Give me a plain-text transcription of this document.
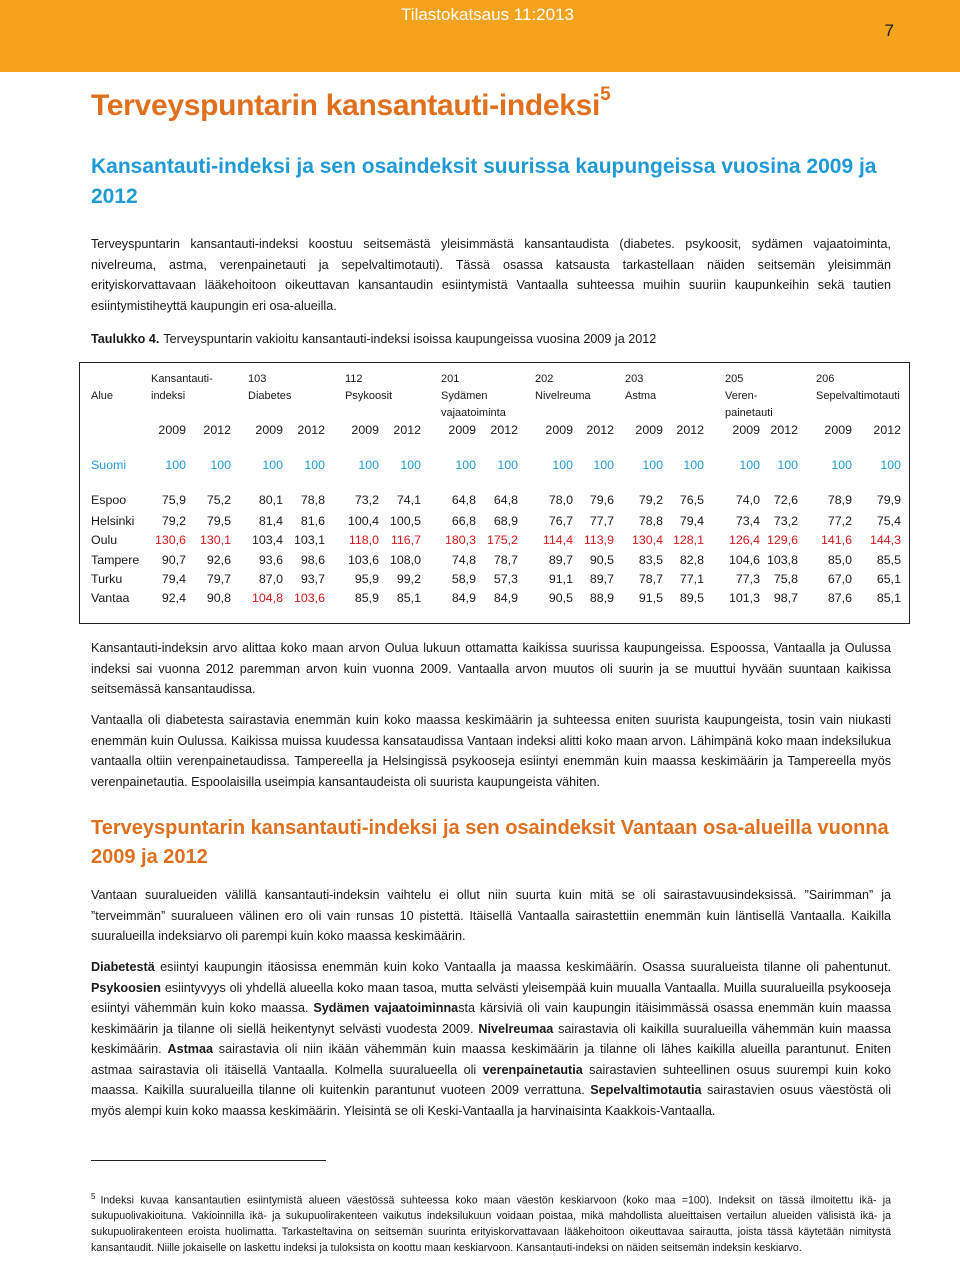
Tilastokatsaus 11:2013
7
Terveyspuntarin kansantauti-indeksi$^5$
Kansantauti-indeksi ja sen osaindeksit suurissa kaupungeissa vuosina 2009 ja 2012
Terveyspuntarin kansantauti-indeksi koostuu seitsemästä yleisimmästä kansantaudista (diabetes. psykoosit, sydämen vajaatoiminta, nivelreuma, astma, verenpainetauti ja sepelvaltimotauti). Tässä osassa katsausta tarkastellaan näiden seitsemän yleisimmän erityiskorvattavaan lääkehoitoon oikeuttavan kansantaudin esiintymistä Vantaalla suhteessa muihin suuriin kaupunkeihin sekä tautien esiintymistiheyttä kaupungin eri osa-alueilla.
Taulukko 4. Terveyspuntarin vakioitu kansantauti-indeksi isoissa kaupungeissa vuosina 2009 ja 2012
Alue
Kansantauti-
indeksi
2009	2012
103
Diabetes
2009	2012
112
Psykoosit
2009	2012
201
Sydämen
vajaatoiminta
2009	2012
202
Nivelreuma
2009	2012
203
Astma
2009	2012
205
Veren-
painetauti
2009 2012
206
Sepelvaltimotauti
2009	2012
Suomi	100	100	100	100	100	100	100	100	100	100	100	100	100	100	100	100
Espoo	75,9	75,2	80,1	78,8	73,2	74,1	64,8	64,8	78,0	79,6	79,2	76,5	74,0	72,6	78,9	79,9
Helsinki	79,2	79,5	81,4	81,6	100,4 100,5	66,8	68,9	76,7	77,7	78,8	79,4	73,4	73,2	77,2	75,4
Oulu	130,6	130,1	103,4 103,1	118,0 116,7	180,3 175,2	114,4 113,9	130,4 128,1	126,4 129,6	141,6	144,3
Tampere	90,7	92,6	93,6	98,6	103,6 108,0	74,8	78,7	89,7	90,5	83,5	82,8	104,6 103,8	85,0	85,5
Turku	79,4	79,7	87,0	93,7	95,9	99,2	58,9	57,3	91,1	89,7	78,7	77,1	77,3	75,8	67,0	65,1
Vantaa	92,4	90,8	104,8 103,6	85,9	85,1	84,9	84,9	90,5	88,9	91,5	89,5	101,3	98,7	87,6	85,1
Kansantauti-indeksin arvo alittaa koko maan arvon Oulua lukuun ottamatta kaikissa suurissa kaupungeissa. Espoossa, Vantaalla ja Oulussa indeksi sai vuonna 2012 paremman arvon kuin vuonna 2009. Vantaalla arvon muutos oli suurin ja se muuttui hyvään suuntaan kaikissa seitsemässä kansantaudissa.
Vantaalla oli diabetesta sairastavia enemmän kuin koko maassa keskimäärin ja suhteessa eniten suurista kaupungeista, tosin vain niukasti enemmän kuin Oulussa. Kaikissa muissa kuudessa kansataudissa Vantaan indeksi alitti koko maan arvon. Lähimpänä koko maan indeksilukua vantaalla oltiin verenpainetaudissa. Tampereella ja Helsingissä psykooseja esiintyi enemmän kuin maassa keskimäärin ja Tampereella myös verenpainetautia. Espoolaisilla useimpia kansantaudeista oli suurista kaupungeista vähiten.
Terveyspuntarin kansantauti-indeksi ja sen osaindeksit Vantaan osa-alueilla vuonna 2009 ja 2012
Vantaan suuralueiden välillä kansantauti-indeksin vaihtelu ei ollut niin suurta kuin mitä se oli sairastavuusindeksissä. ”Sairimman” ja ”terveimmän” suuralueen välinen ero oli vain runsas 10 pistettä. Itäisellä Vantaalla sairastettiin enemmän kuin läntisellä Vantaalla. Kaikilla suuralueilla indeksiarvo oli parempi kuin koko maassa keskimäärin.
Diabetestä esiintyi kaupungin itäosissa enemmän kuin koko Vantaalla ja maassa keskimäärin. Osassa suuralueista tilanne oli pahentunut. Psykoosien esiintyvyys oli yhdellä alueella koko maan tasoa, mutta selvästi yleisempää kuin muualla Vantaalla. Muilla suuralueilla psykooseja esiintyi vähemmän kuin koko maassa. Sydämen vajaatoiminnasta kärsiviä oli vain kaupungin itäisimmässä osassa enemmän kuin maassa keskimäärin ja tilanne oli siellä heikentynyt selvästi vuodesta 2009. Nivelreumaa sairastavia oli kaikilla suuralueilla vähemmän kuin maassa keskimäärin. Astmaa sairastavia oli niin ikään vähemmän kuin maassa keskimäärin ja tilanne oli lähes kaikilla alueilla parantunut. Eniten astmaa sairastavia oli itäisellä Vantaalla. Kolmella suuralueella oli verenpainetautia sairastavien suhteellinen osuus suurempi kuin koko maassa. Kaikilla suuralueilla tilanne oli kuitenkin parantunut vuoteen 2009 verrattuna. Sepelvaltimotautia sairastavien osuus väestöstä oli myös alempi kuin koko maassa keskimäärin. Yleisintä se oli Keski-Vantaalla ja harvinaisinta Kaakkois-Vantaalla.
$^5$ Indeksi kuvaa kansantautien esiintymistä alueen väestössä suhteessa koko maan väestön keskiarvoon (koko maa =100). Indeksit on tässä ilmoitettu ikä- ja sukupuolivakioituna. Vakioinnilla ikä- ja sukupuolirakenteen vaikutus indeksilukuun voidaan poistaa, mikä mahdollista alueittaisen vertailun alueiden välisistä ikä- ja sukupuolirakenteen eroista huolimatta. Tarkasteltavina on seitsemän suurinta erityiskorvattavaan lääkehoitoon oikeuttavaa sairautta, joista tässä käytetään nimitystä kansantaudit. Niille jokaiselle on laskettu indeksi ja tuloksista on koottu maan keskiarvoon. Kansantauti-indeksi on näiden seitsemän indeksin keskiarvo.
